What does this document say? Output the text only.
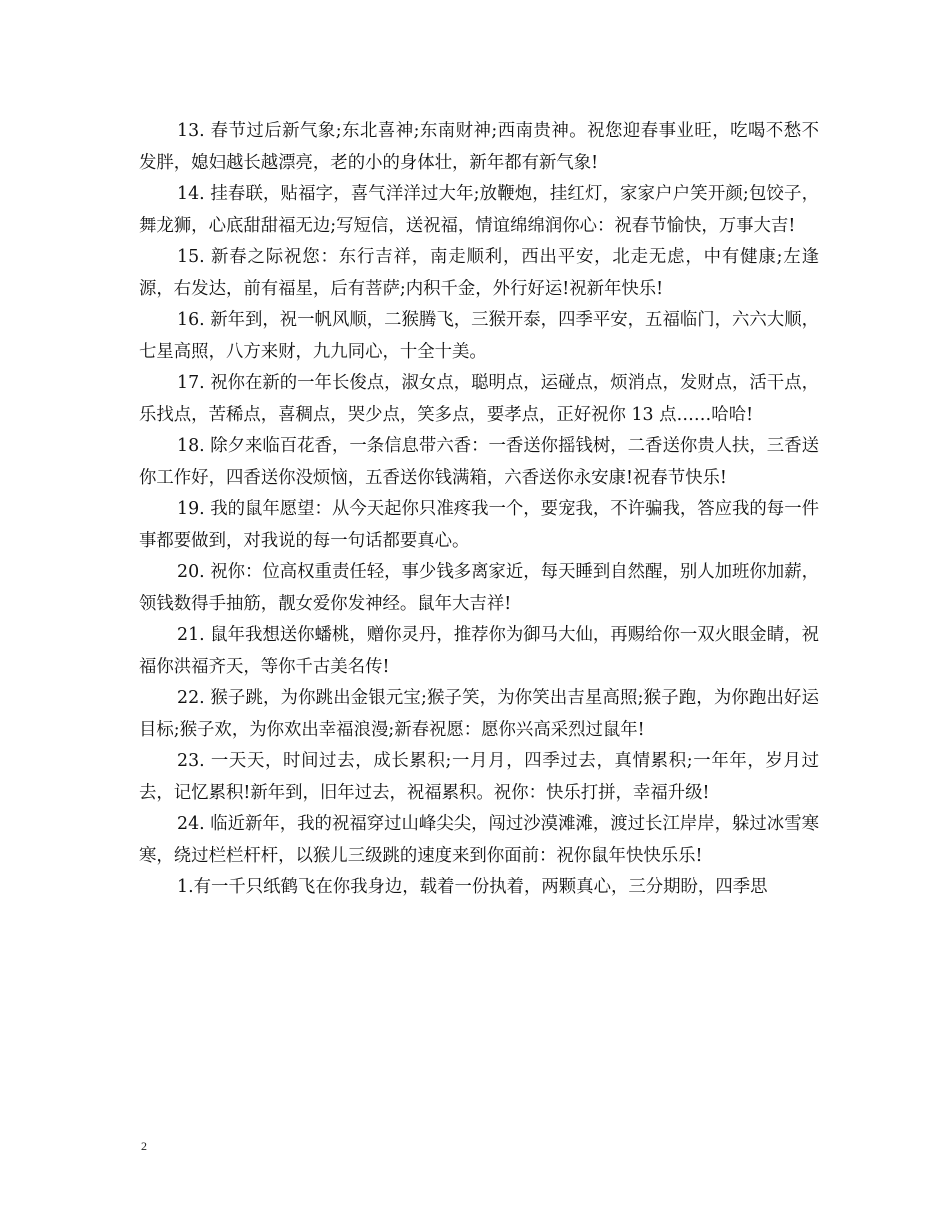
13. 春节过后新气象;东北喜神;东南财神;西南贵神。祝您迎春事业旺，吃喝不愁不发胖，媳妇越长越漂亮，老的小的身体壮，新年都有新气象!

14. 挂春联，贴福字，喜气洋洋过大年;放鞭炮，挂红灯，家家户户笑开颜;包饺子，舞龙狮，心底甜甜福无边;写短信，送祝福，情谊绵绵润你心：祝春节愉快，万事大吉!

15. 新春之际祝您：东行吉祥，南走顺利，西出平安，北走无虑，中有健康;左逢源，右发达，前有福星，后有菩萨;内积千金，外行好运!祝新年快乐!

16. 新年到，祝一帆风顺，二猴腾飞，三猴开泰，四季平安，五福临门，六六大顺，七星高照，八方来财，九九同心，十全十美。

17. 祝你在新的一年长俊点，淑女点，聪明点，运碰点，烦消点，发财点，活干点，乐找点，苦稀点，喜稠点，哭少点，笑多点，要孝点，正好祝你 13 点……哈哈!

18. 除夕来临百花香，一条信息带六香：一香送你摇钱树，二香送你贵人扶，三香送你工作好，四香送你没烦恼，五香送你钱满箱，六香送你永安康!祝春节快乐!

19. 我的鼠年愿望：从今天起你只准疼我一个，要宠我，不许骗我，答应我的每一件事都要做到，对我说的每一句话都要真心。

20. 祝你：位高权重责任轻，事少钱多离家近，每天睡到自然醒，别人加班你加薪，领钱数得手抽筋，靓女爱你发神经。鼠年大吉祥!

21. 鼠年我想送你蟠桃，赠你灵丹，推荐你为御马大仙，再赐给你一双火眼金睛，祝福你洪福齐天，等你千古美名传!

22. 猴子跳，为你跳出金银元宝;猴子笑，为你笑出吉星高照;猴子跑，为你跑出好运目标;猴子欢，为你欢出幸福浪漫;新春祝愿：愿你兴高采烈过鼠年!

23. 一天天，时间过去，成长累积;一月月，四季过去，真情累积;一年年，岁月过去，记忆累积!新年到，旧年过去，祝福累积。祝你：快乐打拼，幸福升级!

24. 临近新年，我的祝福穿过山峰尖尖，闯过沙漠滩滩，渡过长江岸岸，躲过冰雪寒寒，绕过栏栏杆杆，以猴儿三级跳的速度来到你面前：祝你鼠年快快乐乐!

1.有一千只纸鹤飞在你我身边，载着一份执着，两颗真心，三分期盼，四季思

2
